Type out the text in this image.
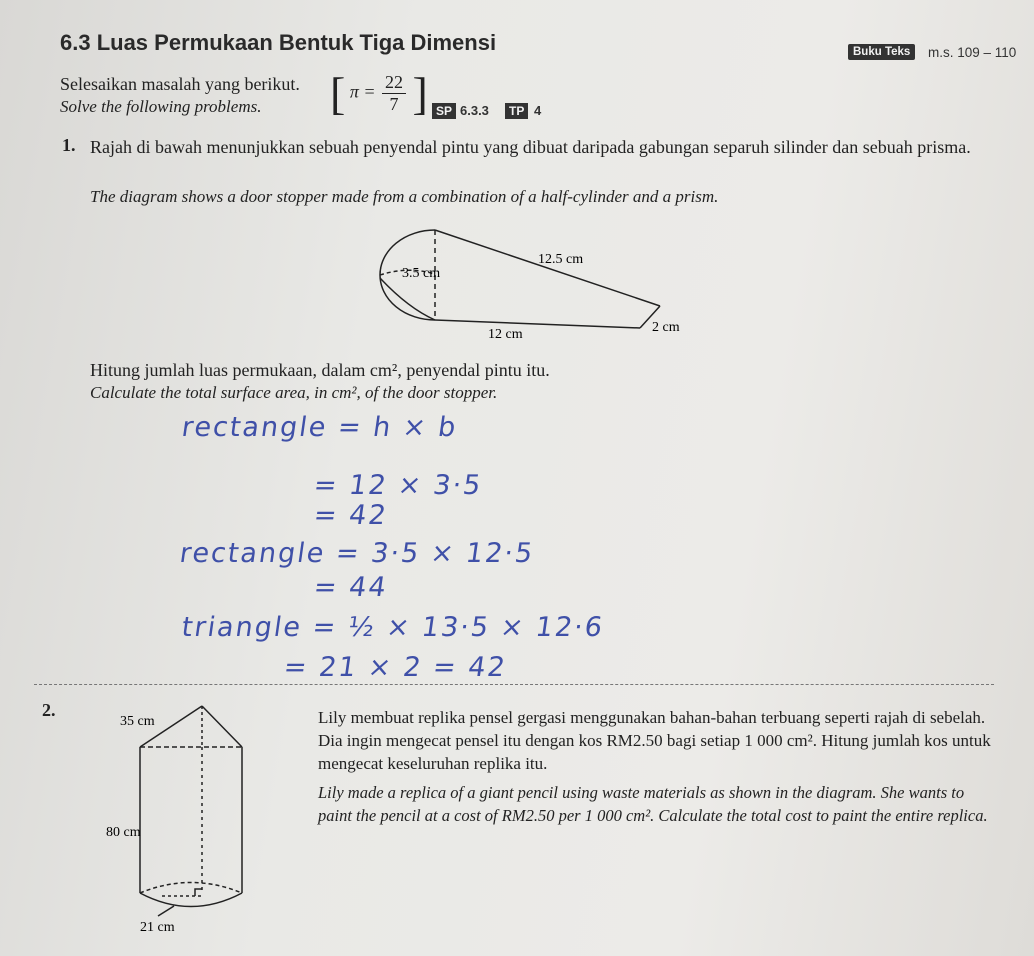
6.3 Luas Permukaan Bentuk Tiga Dimensi	Buku Teks	m.s. 109 – 110
Selesaikan masalah yang berikut.
Solve the following problems. [ $\pi = \frac{22}{7}$ ] SP 6.3.3	TP 4
1. Rajah di bawah menunjukkan sebuah penyendal pintu yang dibuat daripada gabungan separuh silinder dan sebuah prisma.
The diagram shows a door stopper made from a combination of a half-cylinder and a prism.
12.5 cm
3.5 cm
12 cm	2 cm
Hitung jumlah luas permukaan, dalam cm², penyendal pintu itu.
Calculate the total surface area, in cm², of the door stopper.
rectangle = h × b
= 12 × 3·5
= 42
rectangle = 3·5 × 12·5
= 44
triangle = ½ × 13·5 × 12·6
= 21 × 2 = 42
2.
35 cm
80 cm
21 cm
Lily membuat replika pensel gergasi menggunakan bahan-bahan terbuang seperti rajah di sebelah. Dia ingin mengecat pensel itu dengan kos RM2.50 bagi setiap 1 000 cm². Hitung jumlah kos untuk mengecat keseluruhan replika itu.
Lily made a replica of a giant pencil using waste materials as shown in the diagram. She wants to paint the pencil at a cost of RM2.50 per 1 000 cm². Calculate the total cost to paint the entire replica.
